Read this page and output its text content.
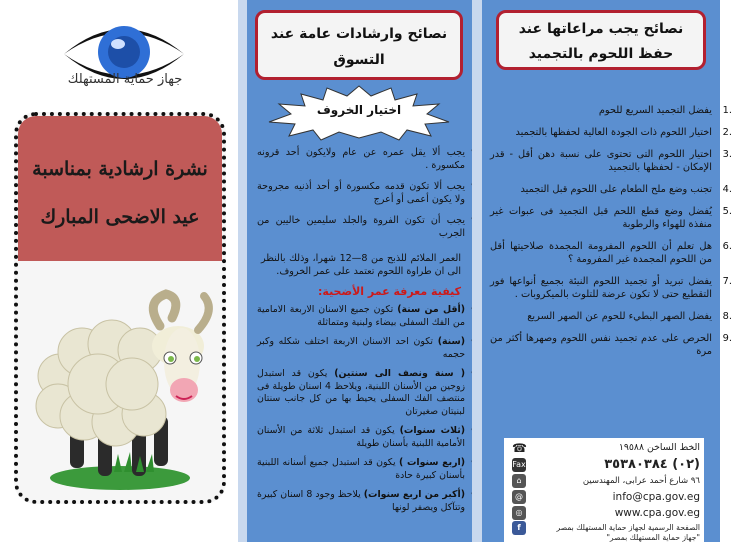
جهاز حماية المستهلك
نشرة ارشادية بمناسبة
عيد الاضحى المبارك
نصائح وارشادات عامة عند التسوق
اختيار الخروف
• يجب ألا يقل عمره عن عام ولايكون أحد قرونه مكسورة .
• يجب ألا تكون قدمه مكسورة أو أحد أذنيه مجروحة ولا يكون أعمى أو أعرج
• يجب أن تكون الفروة والجلد سليمين خاليين من الجرب
العمر الملائم للذبح من 8—12 شهرا، وذلك بالنظر الى ان طراوة اللحوم تعتمد على عمر الخروف.
كيفية معرفة عمر الأضحية:
• (أقل من سنة) تكون جميع الاسنان الاربعة الامامية من الفك السفلى بيضاء ولبنية ومتماثلة
• (سنة) تكون احد الاسنان الاربعة اختلف شكله وكبر حجمه
• ( سنة ونصف الى سنتين) يكون قد استبدل زوجين من الأسنان اللبنية، ويلاحظ 4 اسنان طويلة فى منتصف الفك السفلى يحيط بها من كل جانب سنتان لبنيتان صغيرتان
• (ثلاث سنوات) يكون قد استبدل ثلاثة من الأسنان الأمامية اللبنية بأسنان طويلة
• (اربع سنوات ) يكون قد استبدل جميع أسنانه اللبنية بأسنان كبيرة حادة
• (أكبر من اربع سنوات) يلاحظ وجود 8 اسنان كبيرة وتتآكل ويصفر لونها
نصائح يجب مراعاتها عند حفظ اللحوم بالتجميد
1.
يفضل التجميد السريع للحوم
2.
اختيار اللحوم ذات الجودة العالية لحفظها بالتجميد
3.
اختيار اللحوم التى تحتوى على نسبة دهن أقل - قدر الإمكان - لحفظها بالتجميد
4.
تجنب وضع ملح الطعام على اللحوم قبل التجميد
5.
يُفضل وضع قطع اللحم قبل التجميد فى عبوات غير منفذة للهواء والرطوبة
6.
هل تعلم أن اللحوم المفرومة المجمدة صلاحيتها أقل من اللحوم المجمدة غير المفرومة ؟
7.
يفضل تبريد أو تجميد اللحوم النيئة بجميع أنواعها فور التقطيع حتى لا تكون عرضة للتلوث بالميكروبات .
8.
يفضل الصهر البطيء للحوم عن الصهر السريع
9.
الحرص على عدم تجميد نفس اللحوم وصهرها أكثر من مرة
☎	الخط الساخن ١٩٥٨٨
Fax	(٠٢) ٣٥٣٨٠٣٨٤
⌂	٩٦ شارع أحمد عرابى، المهندسين
@	info@cpa.gov.eg
◎	www.cpa.gov.eg
f	الصفحة الرسمية لجهاز حماية المستهلك بمصر
"جهاز حماية المستهلك بمصر"
